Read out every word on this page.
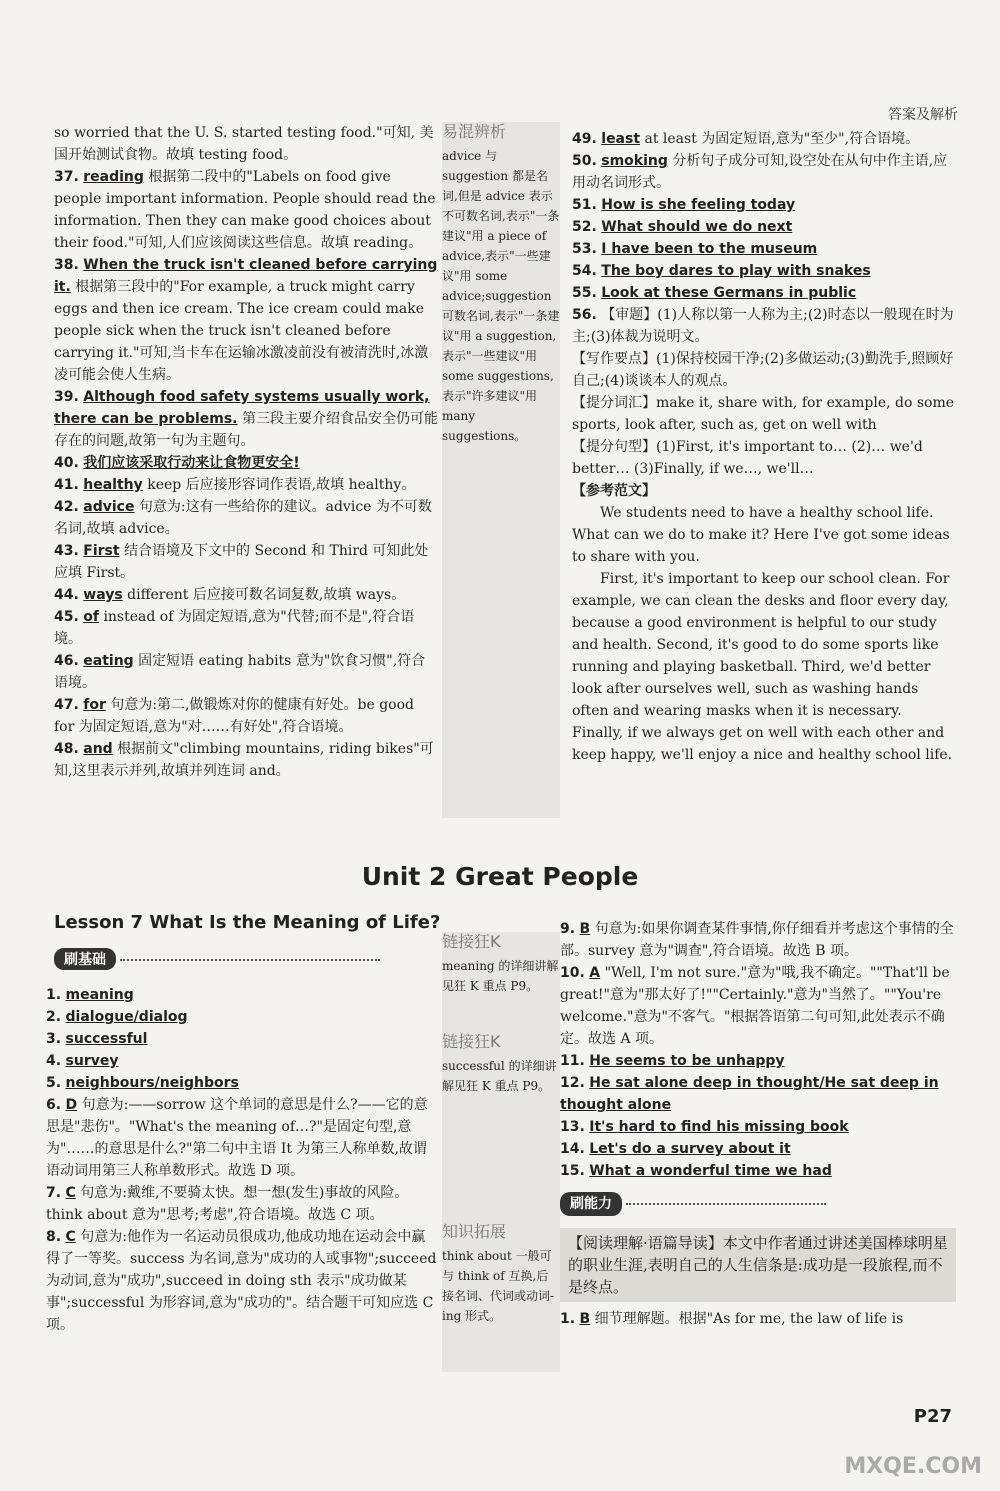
答案及解析

so worried that the U. S. started testing food."可知, 美国开始测试食物。故填 testing food。

37. reading 根据第二段中的"Labels on food give people important information. People should read the information. Then they can make good choices about their food."可知,人们应该阅读这些信息。故填 reading。

38. When the truck isn't cleaned before carrying it. 根据第三段中的"For example, a truck might carry eggs and then ice cream. The ice cream could make people sick when the truck isn't cleaned before carrying it."可知,当卡车在运输冰激凌前没有被清洗时,冰激凌可能会使人生病。

39. Although food safety systems usually work, there can be problems. 第三段主要介绍食品安全仍可能存在的问题,故第一句为主题句。

40. 我们应该采取行动来让食物更安全!

41. healthy keep 后应接形容词作表语,故填 healthy。

42. advice 句意为:这有一些给你的建议。advice 为不可数名词,故填 advice。

43. First 结合语境及下文中的 Second 和 Third 可知此处应填 First。

44. ways different 后应接可数名词复数,故填 ways。

45. of instead of 为固定短语,意为"代替;而不是",符合语境。

46. eating 固定短语 eating habits 意为"饮食习惯",符合语境。

47. for 句意为:第二,做锻炼对你的健康有好处。be good for 为固定短语,意为"对……有好处",符合语境。

48. and 根据前文"climbing mountains, riding bikes"可知,这里表示并列,故填并列连词 and。

易混辨析
advice 与 suggestion 都是名词,但是 advice 表示不可数名词,表示"一条建议"用 a piece of advice,表示"一些建议"用 some advice;suggestion 可数名词,表示"一条建议"用 a suggestion,表示"一些建议"用 some suggestions,表示"许多建议"用 many suggestions。

49. least at least 为固定短语,意为"至少",符合语境。

50. smoking 分析句子成分可知,设空处在从句中作主语,应用动名词形式。

51. How is she feeling today

52. What should we do next

53. I have been to the museum

54. The boy dares to play with snakes

55. Look at these Germans in public

56. 【审题】(1)人称以第一人称为主;(2)时态以一般现在时为主;(3)体裁为说明文。

【写作要点】(1)保持校园干净;(2)多做运动;(3)勤洗手,照顾好自己;(4)谈谈本人的观点。

【提分词汇】make it, share with, for example, do some sports, look after, such as, get on well with

【提分句型】(1)First, it's important to… (2)… we'd better… (3)Finally, if we…, we'll…

【参考范文】

We students need to have a healthy school life. What can we do to make it? Here I've got some ideas to share with you.

First, it's important to keep our school clean. For example, we can clean the desks and floor every day, because a good environment is helpful to our study and health. Second, it's good to do some sports like running and playing basketball. Third, we'd better look after ourselves well, such as washing hands often and wearing masks when it is necessary. Finally, if we always get on well with each other and keep happy, we'll enjoy a nice and healthy school life.

Unit 2 Great People
Lesson 7 What Is the Meaning of Life?
刷基础

1. meaning

2. dialogue/dialog

3. successful

4. survey

5. neighbours/neighbors

6. D 句意为:——sorrow 这个单词的意思是什么?——它的意思是"悲伤"。"What's the meaning of…?"是固定句型,意为"……的意思是什么?"第二句中主语 It 为第三人称单数,故谓语动词用第三人称单数形式。故选 D 项。

7. C 句意为:戴维,不要骑太快。想一想(发生)事故的风险。think about 意为"思考;考虑",符合语境。故选 C 项。

8. C 句意为:他作为一名运动员很成功,他成功地在运动会中赢得了一等奖。success 为名词,意为"成功的人或事物";succeed 为动词,意为"成功",succeed in doing sth 表示"成功做某事";successful 为形容词,意为"成功的"。结合题干可知应选 C 项。

链接狂K
meaning 的详细讲解见狂 K 重点 P9。
链接狂K
successful 的详细讲解见狂 K 重点 P9。
知识拓展
think about 一般可与 think of 互换,后接名词、代词或动词-ing 形式。

9. B 句意为:如果你调查某件事情,你仔细看并考虑这个事情的全部。survey 意为"调查",符合语境。故选 B 项。

10. A "Well, I'm not sure."意为"哦,我不确定。""That'll be great!"意为"那太好了!""Certainly."意为"当然了。""You're welcome."意为"不客气。"根据答语第二句可知,此处表示不确定。故选 A 项。

11. He seems to be unhappy

12. He sat alone deep in thought/He sat deep in thought alone

13. It's hard to find his missing book

14. Let's do a survey about it

15. What a wonderful time we had

刷能力

【阅读理解·语篇导读】本文中作者通过讲述美国棒球明星的职业生涯,表明自己的人生信条是:成功是一段旅程,而不是终点。

1. B 细节理解题。根据"As for me, the law of life is

P27
MXQE.COM
